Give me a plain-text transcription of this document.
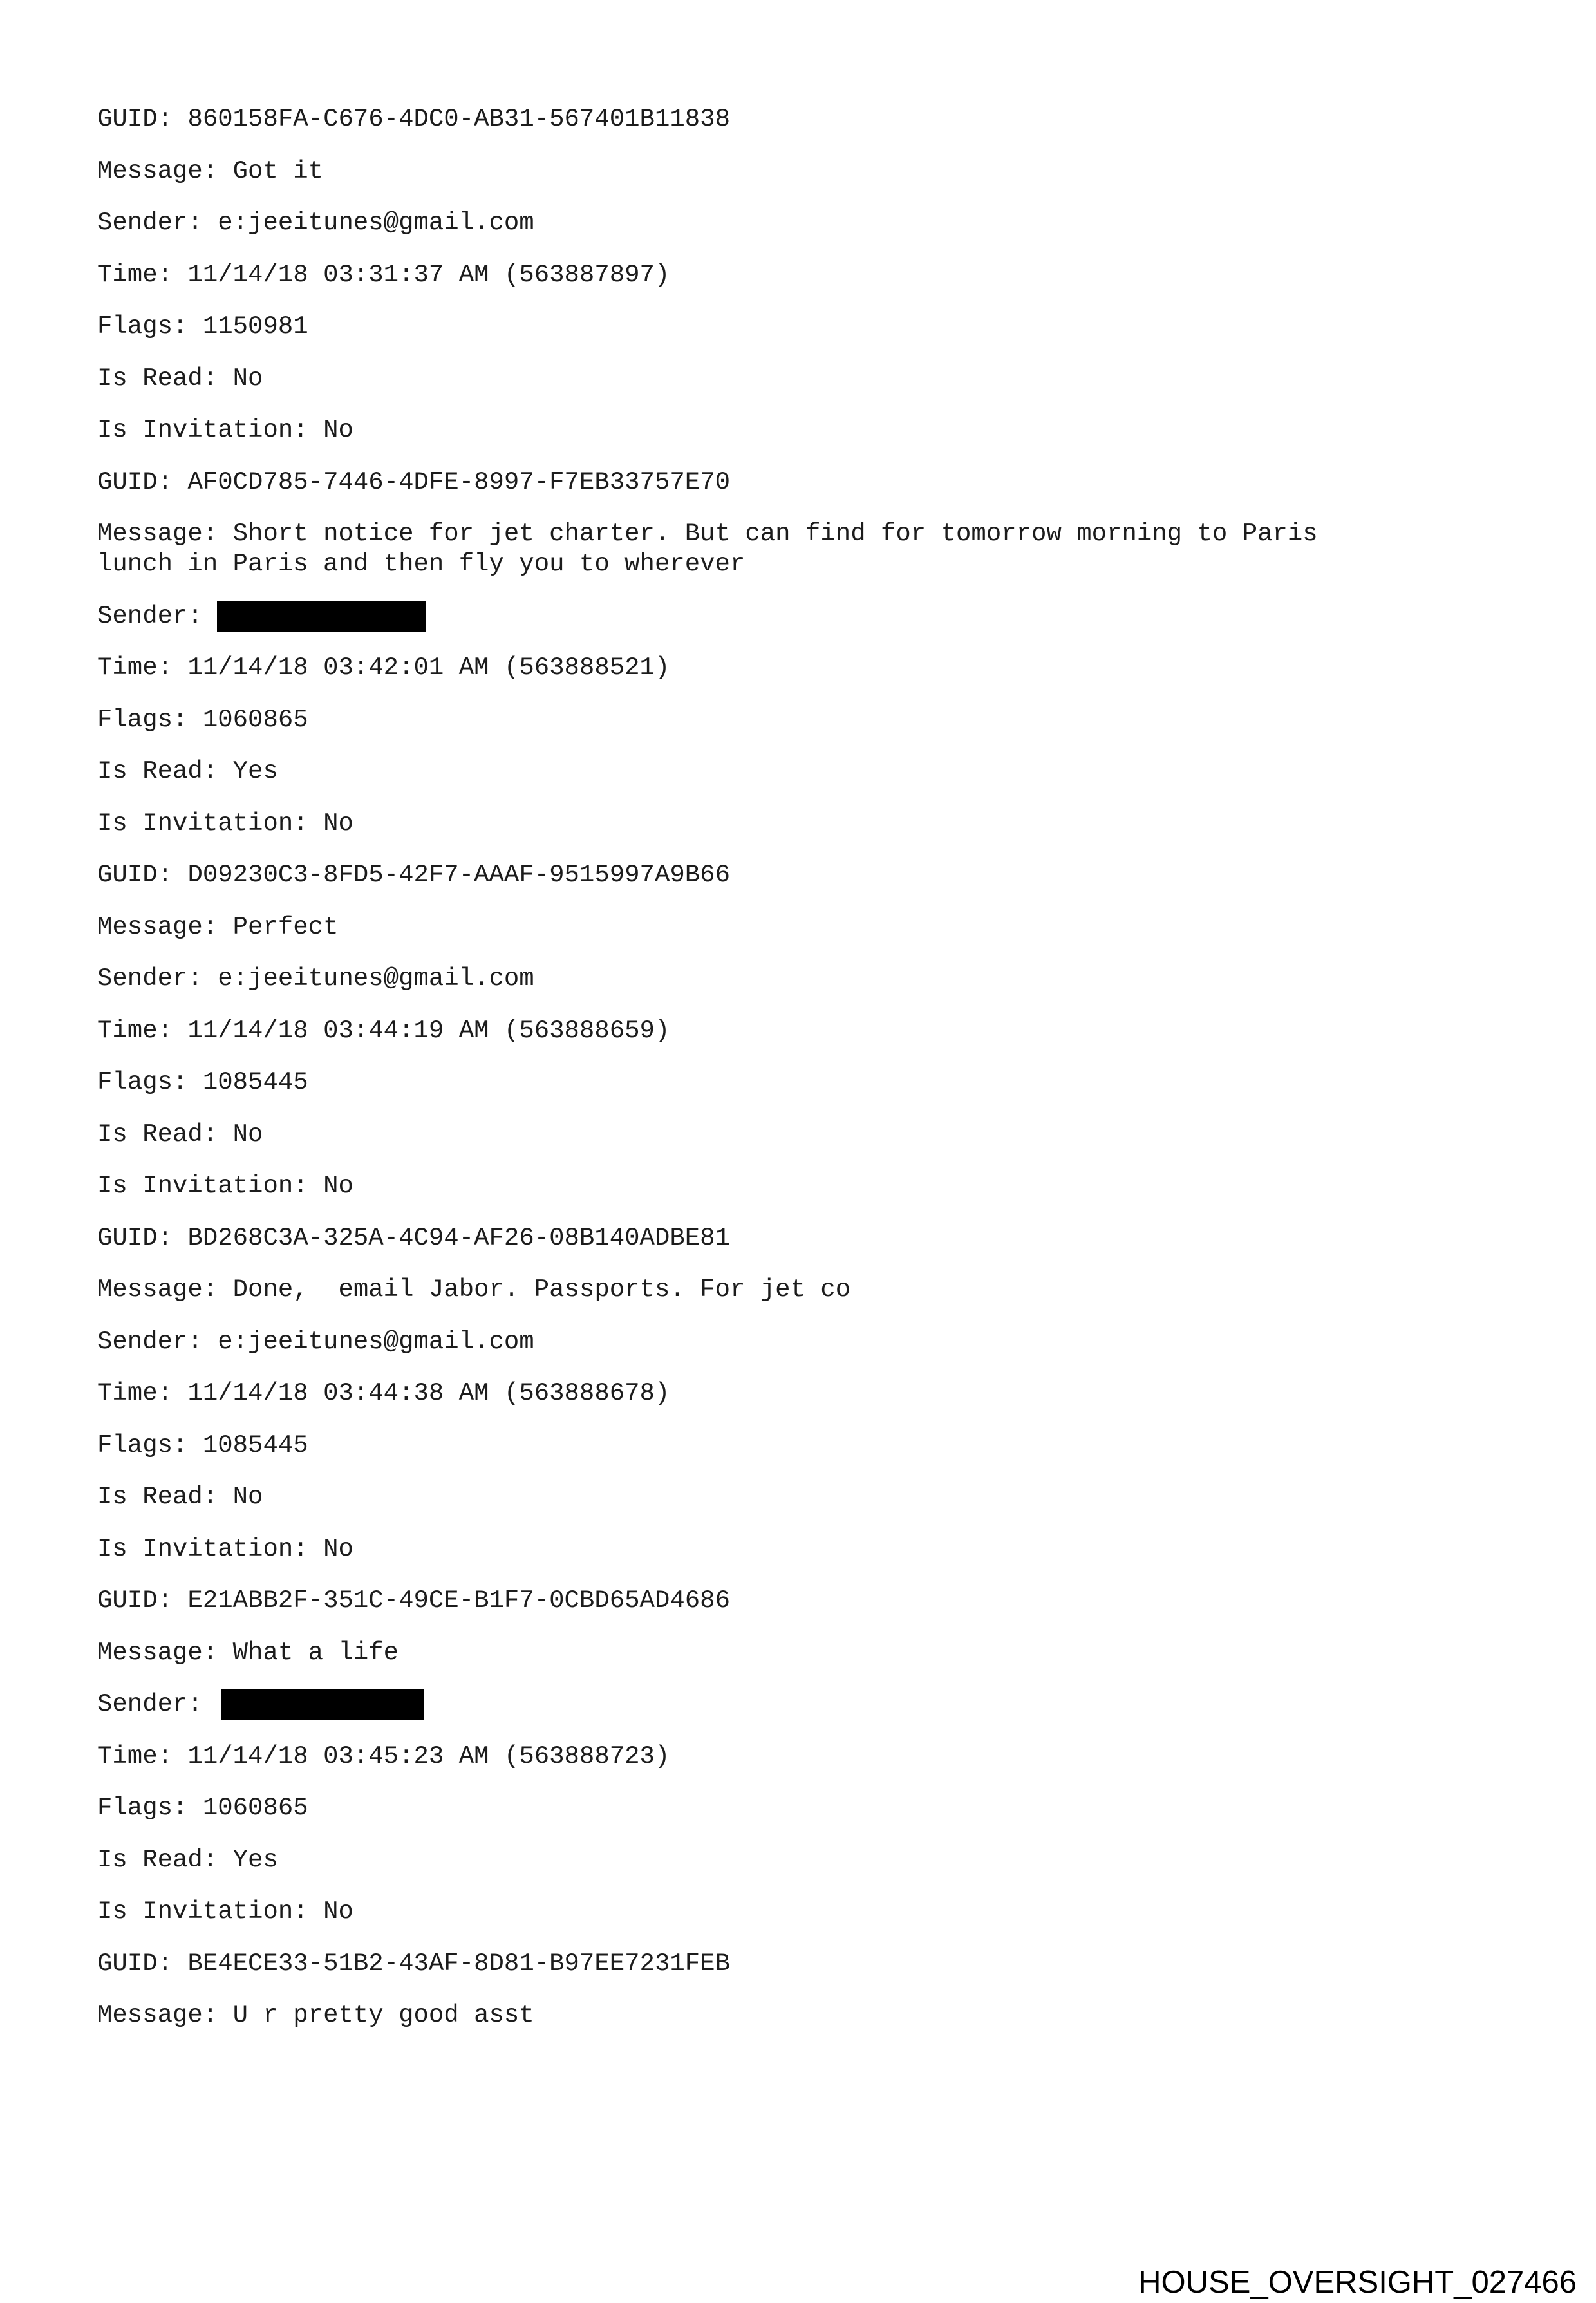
GUID: 860158FA-C676-4DC0-AB31-567401B11838
Message: Got it
Sender: e:jeeitunes@gmail.com
Time: 11/14/18 03:31:37 AM (563887897)
Flags: 1150981
Is Read: No
Is Invitation: No
GUID: AF0CD785-7446-4DFE-8997-F7EB33757E70
Message: Short notice for jet charter. But can find for tomorrow morning to Paris
lunch in Paris and then fly you to wherever
Sender:
Time: 11/14/18 03:42:01 AM (563888521)
Flags: 1060865
Is Read: Yes
Is Invitation: No
GUID: D09230C3-8FD5-42F7-AAAF-9515997A9B66
Message: Perfect
Sender: e:jeeitunes@gmail.com
Time: 11/14/18 03:44:19 AM (563888659)
Flags: 1085445
Is Read: No
Is Invitation: No
GUID: BD268C3A-325A-4C94-AF26-08B140ADBE81
Message: Done,  email Jabor. Passports. For jet co
Sender: e:jeeitunes@gmail.com
Time: 11/14/18 03:44:38 AM (563888678)
Flags: 1085445
Is Read: No
Is Invitation: No
GUID: E21ABB2F-351C-49CE-B1F7-0CBD65AD4686
Message: What a life
Sender:
Time: 11/14/18 03:45:23 AM (563888723)
Flags: 1060865
Is Read: Yes
Is Invitation: No
GUID: BE4ECE33-51B2-43AF-8D81-B97EE7231FEB
Message: U r pretty good asst
HOUSE_OVERSIGHT_027466
